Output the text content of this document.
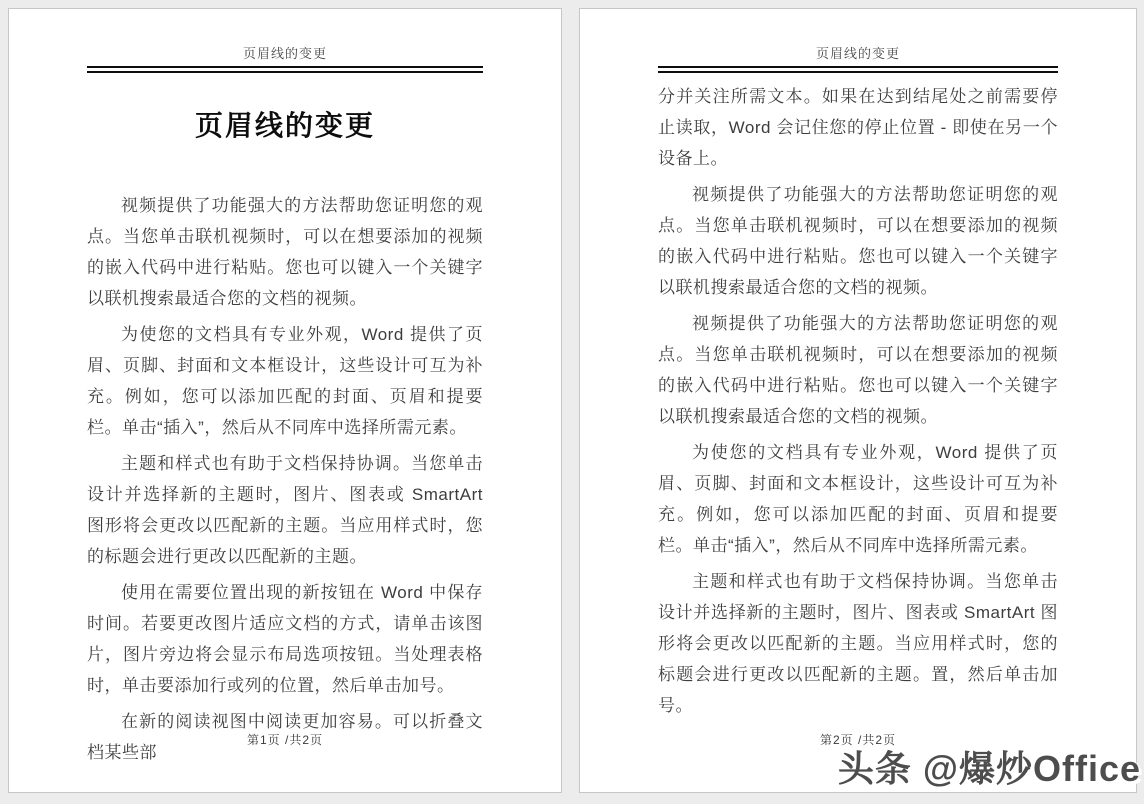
页眉线的变更
页眉线的变更

视频提供了功能强大的方法帮助您证明您的观点。当您单击联机视频时，可以在想要添加的视频的嵌入代码中进行粘贴。您也可以键入一个关键字以联机搜索最适合您的文档的视频。

为使您的文档具有专业外观，Word 提供了页眉、页脚、封面和文本框设计，这些设计可互为补充。例如，您可以添加匹配的封面、页眉和提要栏。单击“插入”，然后从不同库中选择所需元素。

主题和样式也有助于文档保持协调。当您单击设计并选择新的主题时，图片、图表或 SmartArt 图形将会更改以匹配新的主题。当应用样式时，您的标题会进行更改以匹配新的主题。

使用在需要位置出现的新按钮在 Word 中保存时间。若要更改图片适应文档的方式，请单击该图片，图片旁边将会显示布局选项按钮。当处理表格时，单击要添加行或列的位置，然后单击加号。

在新的阅读视图中阅读更加容易。可以折叠文档某些部

第1页 /共2页
页眉线的变更

分并关注所需文本。如果在达到结尾处之前需要停止读取，Word 会记住您的停止位置 - 即使在另一个设备上。

视频提供了功能强大的方法帮助您证明您的观点。当您单击联机视频时，可以在想要添加的视频的嵌入代码中进行粘贴。您也可以键入一个关键字以联机搜索最适合您的文档的视频。

视频提供了功能强大的方法帮助您证明您的观点。当您单击联机视频时，可以在想要添加的视频的嵌入代码中进行粘贴。您也可以键入一个关键字以联机搜索最适合您的文档的视频。

为使您的文档具有专业外观，Word 提供了页眉、页脚、封面和文本框设计，这些设计可互为补充。例如，您可以添加匹配的封面、页眉和提要栏。单击“插入”，然后从不同库中选择所需元素。

主题和样式也有助于文档保持协调。当您单击设计并选择新的主题时，图片、图表或 SmartArt 图形将会更改以匹配新的主题。当应用样式时，您的标题会进行更改以匹配新的主题。置，然后单击加号。

第2页 /共2页
头条 @爆炒Office
